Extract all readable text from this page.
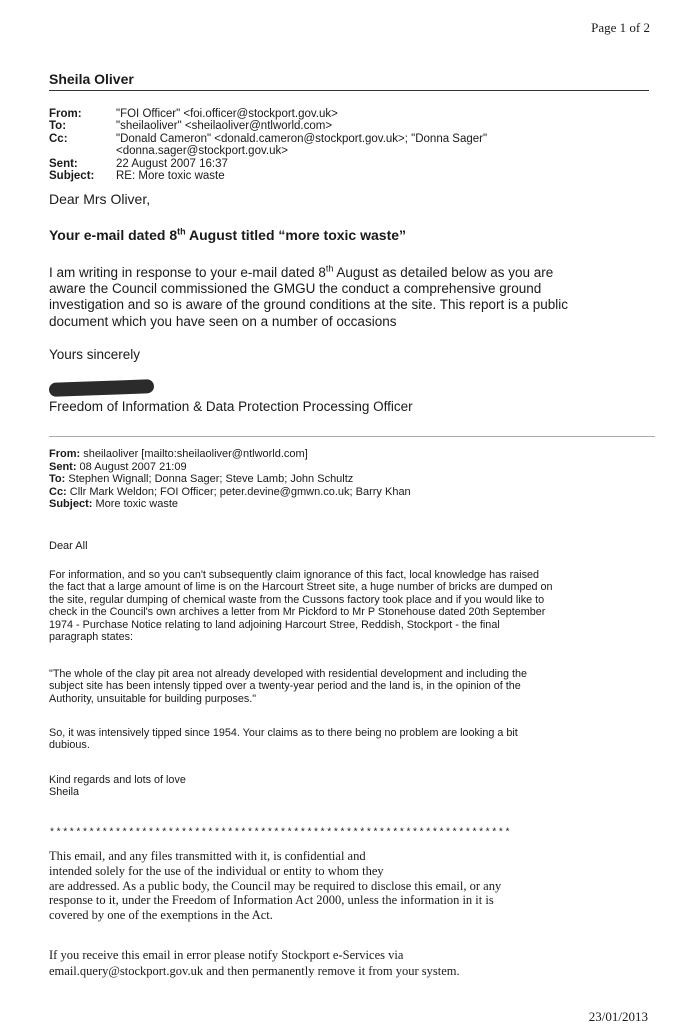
Page 1 of 2
Sheila Oliver
From:	"FOI Officer" <foi.officer@stockport.gov.uk>
To:	"sheilaoliver" <sheilaoliver@ntlworld.com>
Cc:	"Donald Cameron" <donald.cameron@stockport.gov.uk>; "Donna Sager"
<donna.sager@stockport.gov.uk>
Sent:	22 August 2007 16:37
Subject:	RE: More toxic waste
Dear Mrs Oliver,
Your e-mail dated 8th August titled “more toxic waste”
I am writing in response to your e-mail dated 8th August as detailed below as you are
aware the Council commissioned the GMGU the conduct a comprehensive ground
investigation and so is aware of the ground conditions at the site. This report is a public
document which you have seen on a number of occasions
Yours sincerely
Freedom of Information & Data Protection Processing Officer
From: sheilaoliver [mailto:sheilaoliver@ntlworld.com]
Sent: 08 August 2007 21:09
To: Stephen Wignall; Donna Sager; Steve Lamb; John Schultz
Cc: Cllr Mark Weldon; FOI Officer; peter.devine@gmwn.co.uk; Barry Khan
Subject: More toxic waste
Dear All
For information, and so you can't subsequently claim ignorance of this fact, local knowledge has raised
the fact that a large amount of lime is on the Harcourt Street site, a huge number of bricks are dumped on
the site, regular dumping of chemical waste from the Cussons factory took place and if you would like to
check in the Council's own archives a letter from Mr Pickford to Mr P Stonehouse dated 20th September
1974 - Purchase Notice relating to land adjoining Harcourt Stree, Reddish, Stockport - the final
paragraph states:
"The whole of the clay pit area not already developed with residential development and including the
subject site has been intensly tipped over a twenty-year period and the land is, in the opinion of the
Authority, unsuitable for building purposes."
So, it was intensively tipped since 1954. Your claims as to there being no problem are looking a bit
dubious.
Kind regards and lots of love
Sheila
**********************************************************************
This email, and any files transmitted with it, is confidential and
intended solely for the use of the individual or entity to whom they
are addressed. As a public body, the Council may be required to disclose this email, or any
response to it, under the Freedom of Information Act 2000, unless the information in it is
covered by one of the exemptions in the Act.
If you receive this email in error please notify Stockport e-Services via
email.query@stockport.gov.uk and then permanently remove it from your system.
23/01/2013
